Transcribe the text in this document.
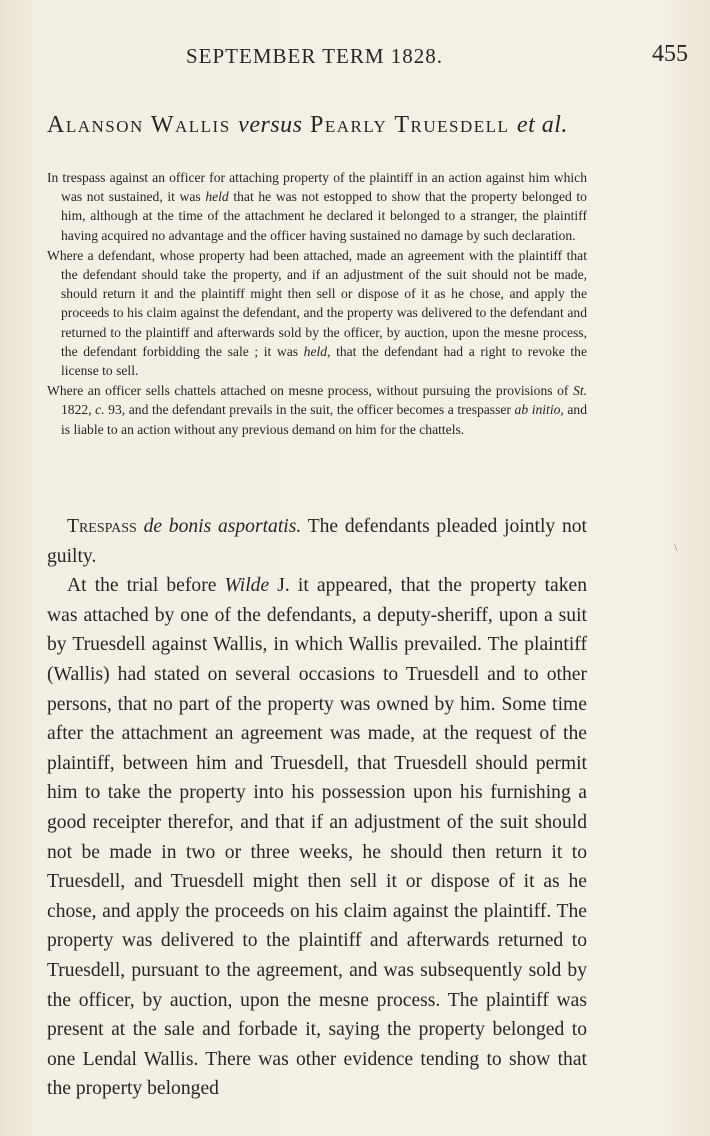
SEPTEMBER TERM 1828.	455
Alanson Wallis versus Pearly Truesdell et al.

In trespass against an officer for attaching property of the plaintiff in an action against him which was not sustained, it was held that he was not estopped to show that the property belonged to him, although at the time of the attachment he declared it belonged to a stranger, the plaintiff having acquired no advantage and the officer having sustained no damage by such declaration.

Where a defendant, whose property had been attached, made an agreement with the plaintiff that the defendant should take the property, and if an adjustment of the suit should not be made, should return it and the plaintiff might then sell or dispose of it as he chose, and apply the proceeds to his claim against the defendant, and the property was delivered to the defendant and returned to the plaintiff and afterwards sold by the officer, by auction, upon the mesne process, the defendant forbidding the sale ; it was held, that the defendant had a right to revoke the license to sell.

Where an officer sells chattels attached on mesne process, without pursuing the provisions of St. 1822, c. 93, and the defendant prevails in the suit, the officer becomes a trespasser ab initio, and is liable to an action without any previous demand on him for the chattels.

Trespass de bonis asportatis. The defendants pleaded jointly not guilty.

At the trial before Wilde J. it appeared, that the property taken was attached by one of the defendants, a deputy-sheriff, upon a suit by Truesdell against Wallis, in which Wallis prevailed. The plaintiff (Wallis) had stated on several occasions to Truesdell and to other persons, that no part of the property was owned by him. Some time after the attachment an agreement was made, at the request of the plaintiff, between him and Truesdell, that Truesdell should permit him to take the property into his possession upon his furnishing a good receipter therefor, and that if an adjustment of the suit should not be made in two or three weeks, he should then return it to Truesdell, and Truesdell might then sell it or dispose of it as he chose, and apply the proceeds on his claim against the plaintiff. The property was delivered to the plaintiff and afterwards returned to Truesdell, pursuant to the agreement, and was subsequently sold by the officer, by auction, upon the mesne process. The plaintiff was present at the sale and forbade it, saying the property belonged to one Lendal Wallis. There was other evidence tending to show that the property belonged

\
